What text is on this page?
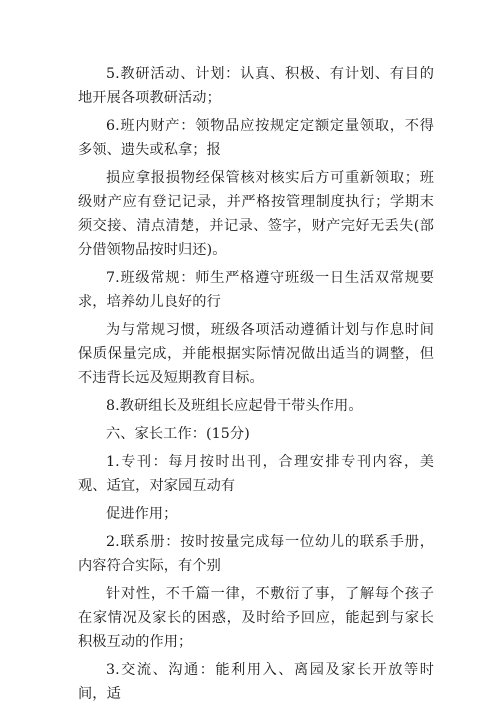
5.教研活动、计划：认真、积极、有计划、有目的地开展各项教研活动；

6.班内财产：领物品应按规定定额定量领取，不得多领、遗失或私拿；报

损应拿报损物经保管核对核实后方可重新领取；班级财产应有登记记录，并严格按管理制度执行；学期末须交接、清点清楚，并记录、签字，财产完好无丢失(部分借领物品按时归还)。

7.班级常规：师生严格遵守班级一日生活双常规要求，培养幼儿良好的行

为与常规习惯，班级各项活动遵循计划与作息时间保质保量完成，并能根据实际情况做出适当的调整，但不违背长远及短期教育目标。

8.教研组长及班组长应起骨干带头作用。

六、家长工作：(15分)

1.专刊：每月按时出刊，合理安排专刊内容，美观、适宜，对家园互动有

促进作用；

2.联系册：按时按量完成每一位幼儿的联系手册，内容符合实际，有个别

针对性，不千篇一律，不敷衍了事，了解每个孩子在家情况及家长的困惑，及时给予回应，能起到与家长积极互动的作用；

3.交流、沟通：能利用入、离园及家长开放等时间，适
